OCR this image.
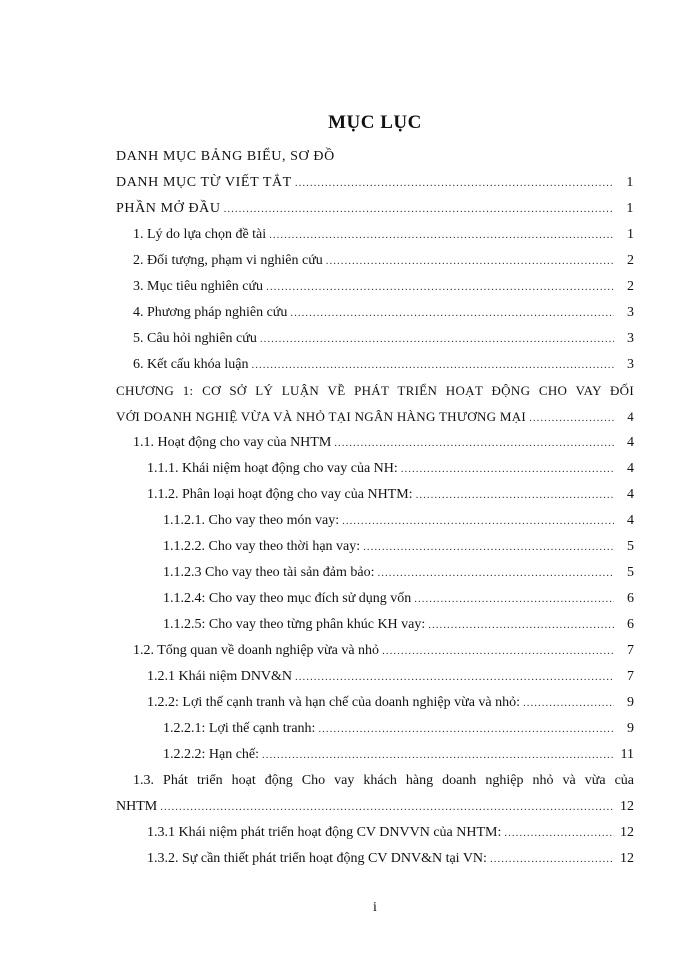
MỤC LỤC
DANH MỤC BẢNG BIỂU, SƠ ĐỒ
DANH MỤC TỪ VIẾT TẮT .....	1
PHẦN MỞ ĐẦU .....	1
1. Lý do lựa chọn đề tài .....	1
2. Đối tượng, phạm vi nghiên cứu .....	2
3. Mục tiêu nghiên cứu .....	2
4. Phương pháp nghiên cứu .....	3
5. Câu hỏi nghiên cứu .....	3
6. Kết cấu khóa luận .....	3
CHƯƠNG 1: CƠ SỞ LÝ LUẬN VỀ PHÁT TRIỂN HOẠT ĐỘNG CHO VAY ĐỐI
VỚI DOANH NGHIỆ VỪA VÀ NHỎ TẠI NGÂN HÀNG THƯƠNG MẠI .....	4
1.1. Hoạt động cho vay của NHTM .....	4
1.1.1. Khái niệm hoạt động cho vay của NH: .....	4
1.1.2. Phân loại hoạt động cho vay của NHTM: .....	4
1.1.2.1. Cho vay theo món vay: .....	4
1.1.2.2. Cho vay theo thời hạn vay: .....	5
1.1.2.3 Cho vay theo tài sản đảm bảo: .....	5
1.1.2.4: Cho vay theo mục đích sử dụng vốn .....	6
1.1.2.5: Cho vay theo từng phân khúc KH vay: .....	6
1.2. Tổng quan về doanh nghiệp vừa và nhỏ .....	7
1.2.1 Khái niệm DNV&N .....	7
1.2.2: Lợi thế cạnh tranh và hạn chế của doanh nghiệp vừa và nhỏ: .....	9
1.2.2.1: Lợi thế cạnh tranh: .....	9
1.2.2.2: Hạn chế: .....	11
1.3. Phát triển hoạt động Cho vay khách hàng doanh nghiệp nhỏ và vừa của
NHTM .....	12
1.3.1 Khái niệm phát triển hoạt động CV DNVVN của NHTM: .....	12
1.3.2. Sự cần thiết phát triển hoạt động CV DNV&N tại VN: .....	12
i
